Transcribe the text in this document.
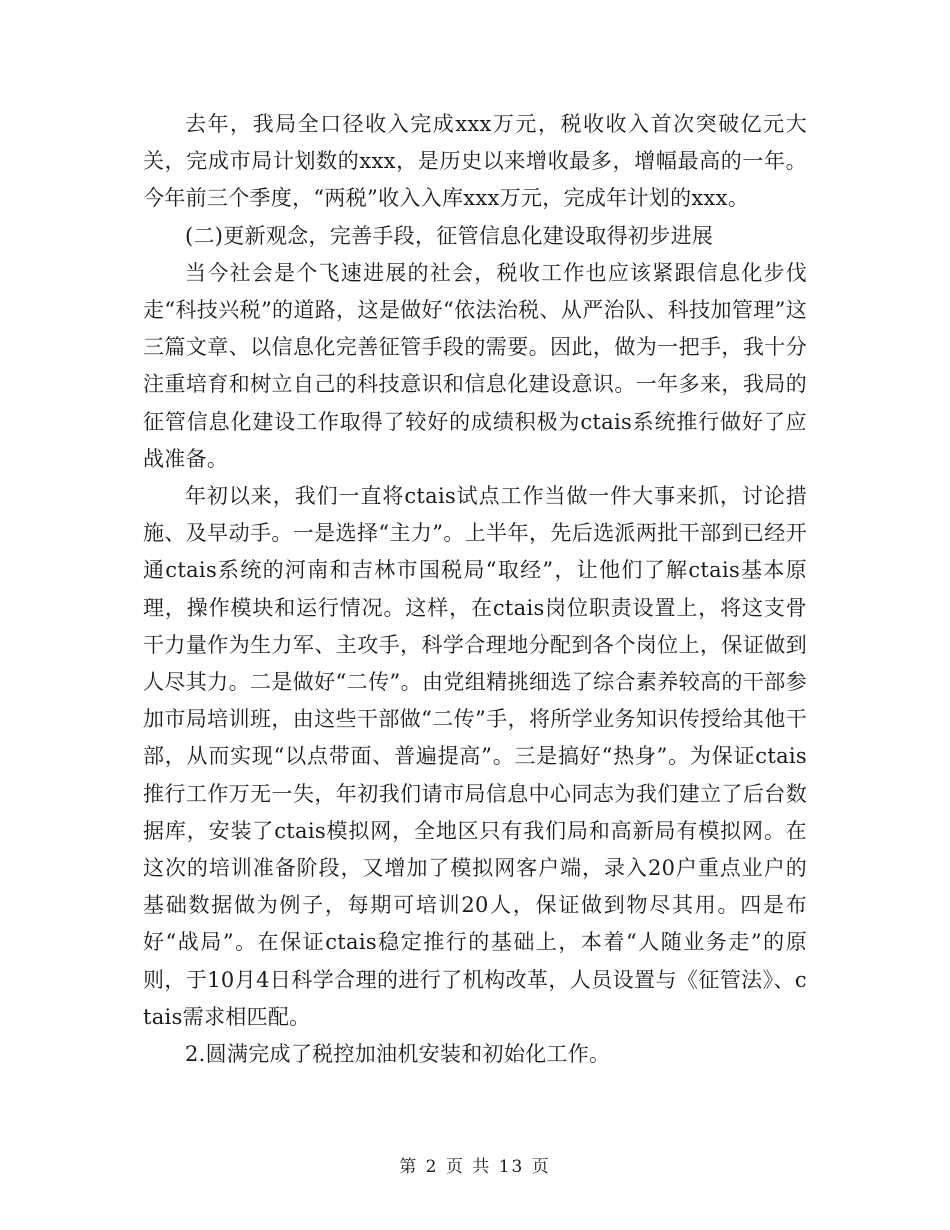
去年，我局全口径收入完成xxx万元，税收收入首次突破亿元大关，完成市局计划数的xxx，是历史以来增收最多，增幅最高的一年。今年前三个季度，“两税”收入入库xxx万元，完成年计划的xxx。

(二)更新观念，完善手段，征管信息化建设取得初步进展

当今社会是个飞速进展的社会，税收工作也应该紧跟信息化步伐走“科技兴税”的道路，这是做好“依法治税、从严治队、科技加管理”这三篇文章、以信息化完善征管手段的需要。因此，做为一把手，我十分注重培育和树立自己的科技意识和信息化建设意识。一年多来，我局的征管信息化建设工作取得了较好的成绩积极为ctais系统推行做好了应战准备。

年初以来，我们一直将ctais试点工作当做一件大事来抓，讨论措施、及早动手。一是选择“主力”。上半年，先后选派两批干部到已经开通ctais系统的河南和吉林市国税局“取经”，让他们了解ctais基本原理，操作模块和运行情况。这样，在ctais岗位职责设置上，将这支骨干力量作为生力军、主攻手，科学合理地分配到各个岗位上，保证做到人尽其力。二是做好“二传”。由党组精挑细选了综合素养较高的干部参加市局培训班，由这些干部做“二传”手，将所学业务知识传授给其他干部，从而实现“以点带面、普遍提高”。三是搞好“热身”。为保证ctais推行工作万无一失，年初我们请市局信息中心同志为我们建立了后台数据库，安装了ctais模拟网，全地区只有我们局和高新局有模拟网。在这次的培训准备阶段，又增加了模拟网客户端，录入20户重点业户的基础数据做为例子，每期可培训20人，保证做到物尽其用。四是布好“战局”。在保证ctais稳定推行的基础上，本着“人随业务走”的原则，于10月4日科学合理的进行了机构改革，人员设置与《征管法》、ctais需求相匹配。

2.圆满完成了税控加油机安装和初始化工作。

第 2 页 共 13 页
